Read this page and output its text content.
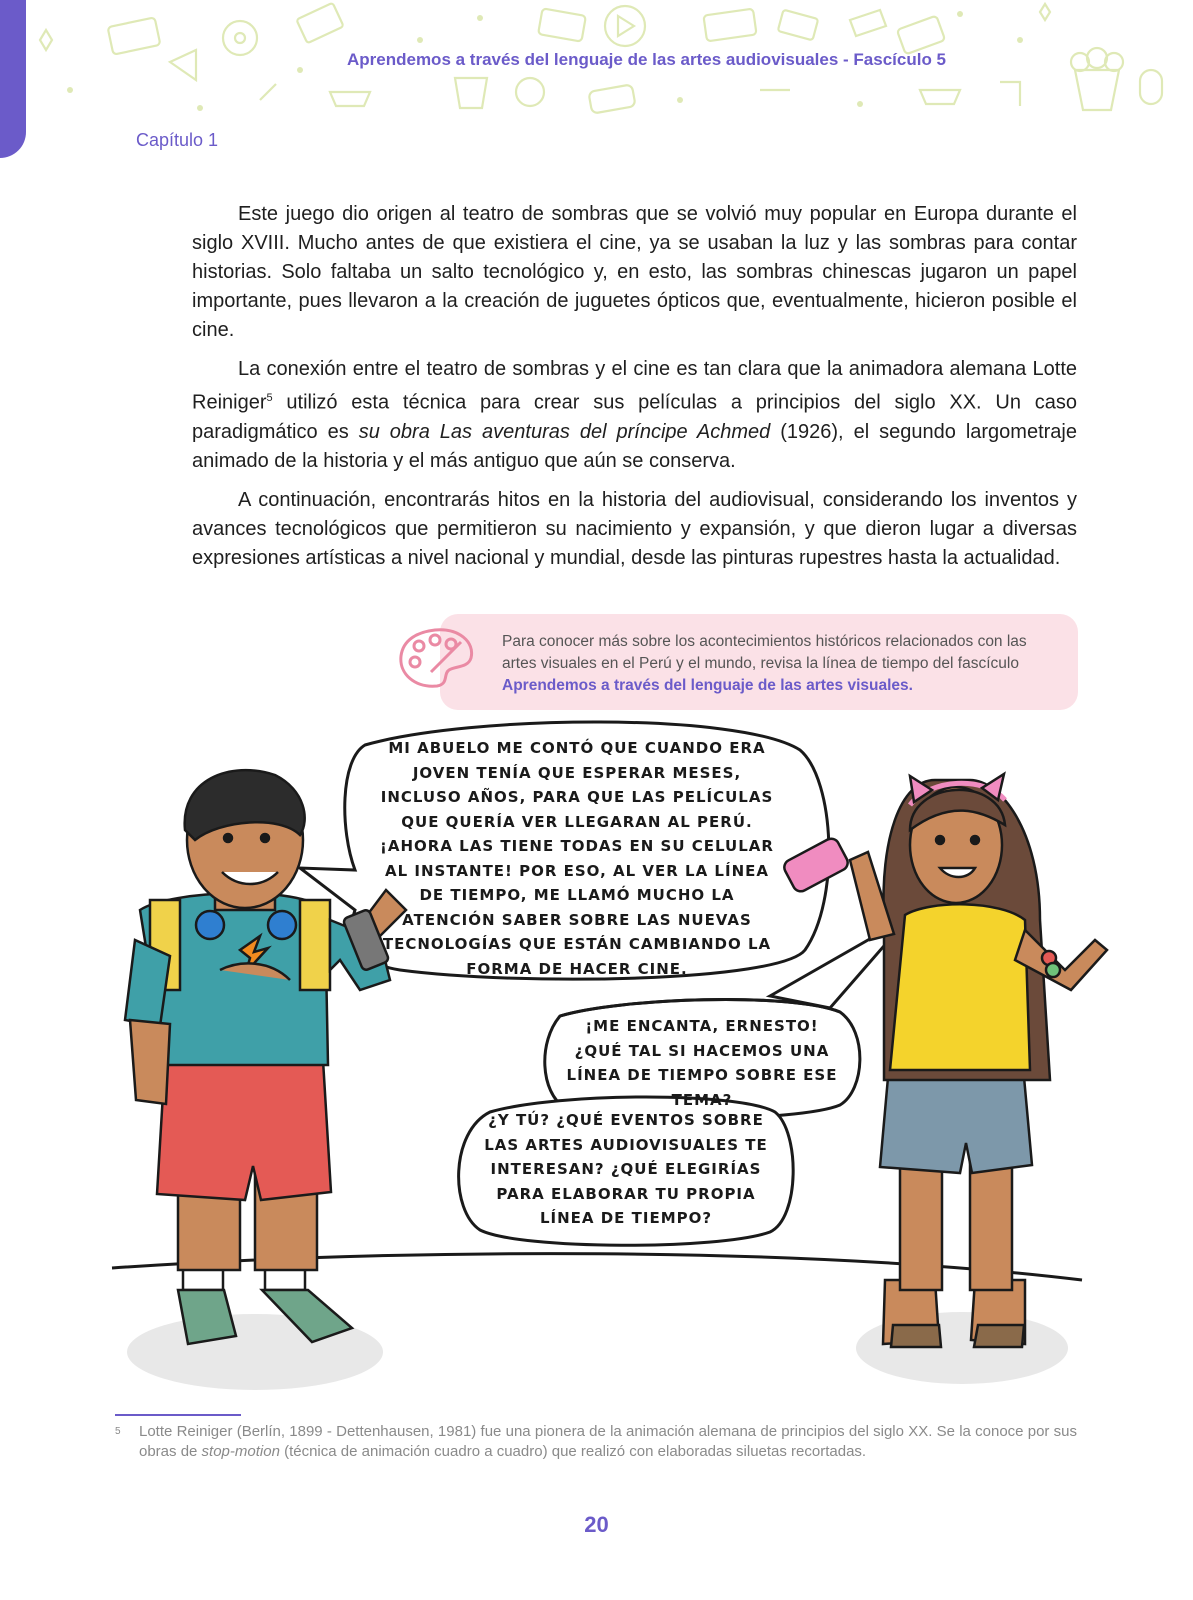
Aprendemos a través del lenguaje de las artes audiovisuales - Fascículo 5
Capítulo 1

Este juego dio origen al teatro de sombras que se volvió muy popular en Europa durante el siglo XVIII. Mucho antes de que existiera el cine, ya se usaban la luz y las sombras para contar historias. Solo faltaba un salto tecnológico y, en esto, las sombras chinescas jugaron un papel importante, pues llevaron a la creación de juguetes ópticos que, eventualmente, hicieron posible el cine.

La conexión entre el teatro de sombras y el cine es tan clara que la animadora alemana Lotte Reiniger$^5$ utilizó esta técnica para crear sus películas a principios del siglo XX. Un caso paradigmático es su obra Las aventuras del príncipe Achmed (1926), el segundo largometraje animado de la historia y el más antiguo que aún se conserva.

A continuación, encontrarás hitos en la historia del audiovisual, considerando los inventos y avances tecnológicos que permitieron su nacimiento y expansión, y que dieron lugar a diversas expresiones artísticas a nivel nacional y mundial, desde las pinturas rupestres hasta la actualidad.

Para conocer más sobre los acontecimientos históricos relacionados con las artes visuales en el Perú y el mundo, revisa la línea de tiempo del fascículo Aprendemos a través del lenguaje de las artes visuales.
MI ABUELO ME CONTÓ QUE CUANDO ERA JOVEN TENÍA QUE ESPERAR MESES, INCLUSO AÑOS, PARA QUE LAS PELÍCULAS QUE QUERÍA VER LLEGARAN AL PERÚ. ¡AHORA LAS TIENE TODAS EN SU CELULAR AL INSTANTE! POR ESO, AL VER LA LÍNEA DE TIEMPO, ME LLAMÓ MUCHO LA ATENCIÓN SABER SOBRE LAS NUEVAS TECNOLOGÍAS QUE ESTÁN CAMBIANDO LA FORMA DE HACER CINE.
¡ME ENCANTA, ERNESTO! ¿QUÉ TAL SI HACEMOS UNA LÍNEA DE TIEMPO SOBRE ESE TEMA?
¿Y TÚ? ¿QUÉ EVENTOS SOBRE LAS ARTES AUDIOVISUALES TE INTERESAN? ¿QUÉ ELEGIRÍAS PARA ELABORAR TU PROPIA LÍNEA DE TIEMPO?
5 Lotte Reiniger (Berlín, 1899 - Dettenhausen, 1981) fue una pionera de la animación alemana de principios del siglo XX. Se la conoce por sus obras de stop-motion (técnica de animación cuadro a cuadro) que realizó con elaboradas siluetas recortadas.
20
